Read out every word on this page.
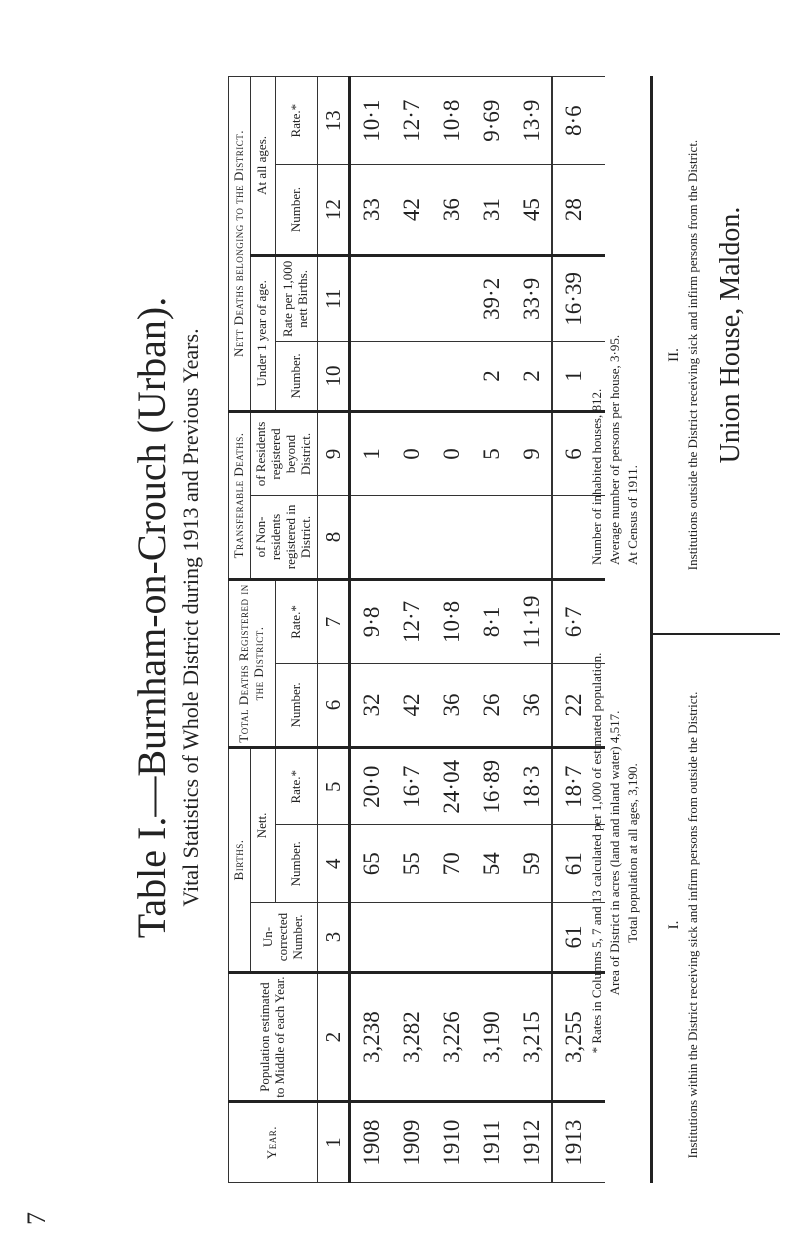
7
Table I.—Burnham-on-Crouch (Urban). Vital Statistics of Whole District during 1913 and Previous Years.
Year.	Population estimated to Middle of each Year.	Births.			Total Deaths Registered in the District.		Transferable Deaths.		Nett Deaths belonging to the District.			
		Un-corrected Number.	Nett.				of Non-residents registered in District.	of Residents registered beyond District.	Under 1 year of age.		At all ages.	
			Number.	Rate.*	Number.	Rate.*			Number.	Rate per 1,000 nett Births.	Number.	Rate.*
1	2	3	4	5	6	7	8	9	10	11	12	13
1908	3,238		65	20·0	32	9·8		1			33	10·1
1909	3,282		55	16·7	42	12·7		0			42	12·7
1910	3,226		70	24·04	36	10·8		0			36	10·8
1911	3,190		54	16·89	26	8·1		5	2	39·2	31	9·69
1912	3,215		59	18·3	36	11·19		9	2	33·9	45	13·9
1913	3,255	61	61	18·7	22	6·7		6	1	16·39	28	8·6
* Rates in Columns 5, 7 and 13 calculated per 1,000 of estimated population. Area of District in acres (land and inland water) 4,517. Total population at all ages, 3,190.
Number of inhabited houses, 812. Average number of persons per house, 3·95. At Census of 1911.
I. Institutions within the District receiving sick and infirm persons from outside the District.
II. Institutions outside the District receiving sick and infirm persons from the District. Union House, Maldon.
